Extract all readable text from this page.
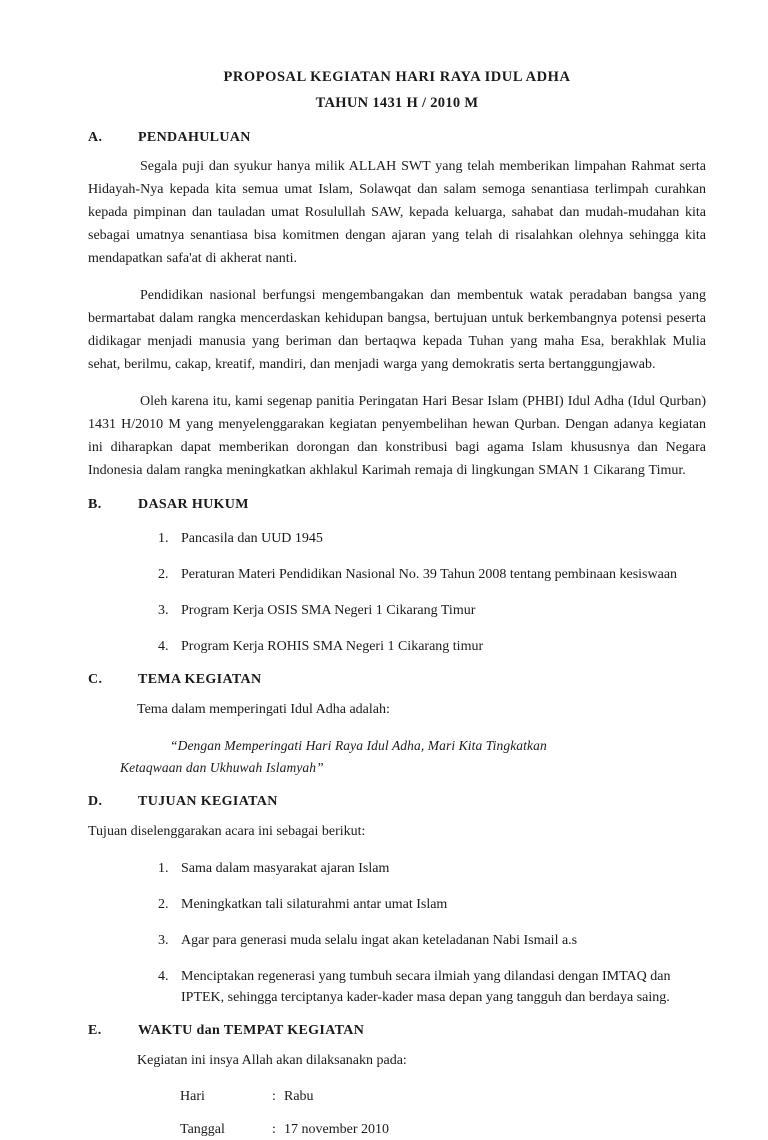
PROPOSAL KEGIATAN HARI RAYA IDUL ADHA
TAHUN 1431 H / 2010 M
A.	PENDAHULUAN

Segala puji dan syukur hanya milik ALLAH SWT yang telah memberikan limpahan Rahmat serta Hidayah-Nya kepada kita semua umat Islam, Solawqat dan salam semoga senantiasa terlimpah curahkan kepada pimpinan dan tauladan umat Rosulullah SAW, kepada keluarga, sahabat dan mudah-mudahan kita sebagai umatnya senantiasa bisa komitmen dengan ajaran yang telah di risalahkan olehnya sehingga kita mendapatkan safa'at di akherat nanti.

Pendidikan nasional berfungsi mengembangakan dan membentuk watak peradaban bangsa yang bermartabat dalam rangka mencerdaskan kehidupan bangsa, bertujuan untuk berkembangnya potensi peserta didikagar menjadi manusia yang beriman dan bertaqwa kepada Tuhan yang maha Esa, berakhlak Mulia sehat, berilmu, cakap, kreatif, mandiri, dan menjadi warga yang demokratis serta bertanggungjawab.

Oleh karena itu, kami segenap panitia Peringatan Hari Besar Islam (PHBI) Idul Adha (Idul Qurban) 1431 H/2010 M yang menyelenggarakan kegiatan penyembelihan hewan Qurban. Dengan adanya kegiatan ini diharapkan dapat memberikan dorongan dan konstribusi bagi agama Islam khususnya dan Negara Indonesia dalam rangka meningkatkan akhlakul Karimah remaja di lingkungan SMAN 1 Cikarang Timur.

B.	DASAR HUKUM
1. Pancasila dan UUD 1945
2. Peraturan Materi Pendidikan Nasional No. 39 Tahun 2008 tentang pembinaan kesiswaan
3. Program Kerja OSIS SMA Negeri 1 Cikarang Timur
4. Program Kerja ROHIS SMA Negeri 1 Cikarang timur
C.	TEMA KEGIATAN

Tema dalam memperingati Idul Adha adalah:

“Dengan Memperingati Hari Raya Idul Adha, Mari Kita Tingkatkan Ketaqwaan dan Ukhuwah Islamyah”

D.	TUJUAN KEGIATAN

Tujuan diselenggarakan acara ini sebagai berikut:

1. Sama dalam masyarakat ajaran Islam
2. Meningkatkan tali silaturahmi antar umat Islam
3. Agar para generasi muda selalu ingat akan keteladanan Nabi Ismail a.s
4. Menciptakan regenerasi yang tumbuh secara ilmiah yang dilandasi dengan IMTAQ dan IPTEK, sehingga terciptanya kader-kader masa depan yang tangguh dan berdaya saing.
E.	WAKTU dan TEMPAT KEGIATAN

Kegiatan ini insya Allah akan dilaksanakn pada:

Hari	: Rabu
Tanggal	: 17 november 2010
